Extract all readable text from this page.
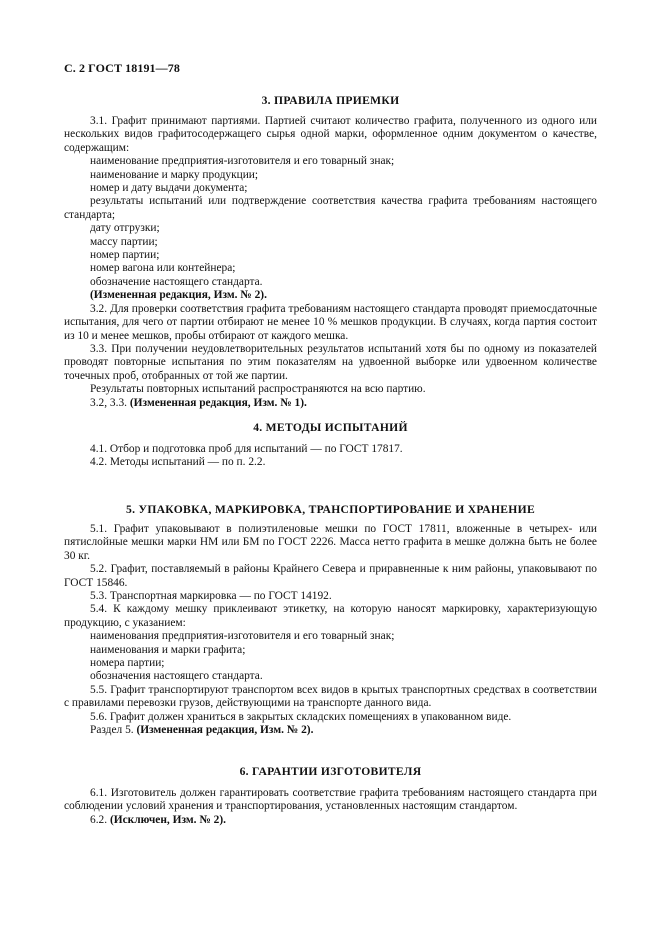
С. 2 ГОСТ 18191—78
3. ПРАВИЛА ПРИЕМКИ

3.1. Графит принимают партиями. Партией считают количество графита, полученного из одного или нескольких видов графитосодержащего сырья одной марки, оформленное одним документом о качестве, содержащим:

наименование предприятия-изготовителя и его товарный знак;

наименование и марку продукции;

номер и дату выдачи документа;

результаты испытаний или подтверждение соответствия качества графита требованиям настоящего стандарта;

дату отгрузки;

массу партии;

номер партии;

номер вагона или контейнера;

обозначение настоящего стандарта.

(Измененная редакция, Изм. № 2).

3.2. Для проверки соответствия графита требованиям настоящего стандарта проводят приемосдаточные испытания, для чего от партии отбирают не менее 10 % мешков продукции. В случаях, когда партия состоит из 10 и менее мешков, пробы отбирают от каждого мешка.

3.3. При получении неудовлетворительных результатов испытаний хотя бы по одному из показателей проводят повторные испытания по этим показателям на удвоенной выборке или удвоенном количестве точечных проб, отобранных от той же партии.

Результаты повторных испытаний распространяются на всю партию.

3.2, 3.3. (Измененная редакция, Изм. № 1).

4. МЕТОДЫ ИСПЫТАНИЙ

4.1. Отбор и подготовка проб для испытаний — по ГОСТ 17817.

4.2. Методы испытаний — по п. 2.2.

5. УПАКОВКА, МАРКИРОВКА, ТРАНСПОРТИРОВАНИЕ И ХРАНЕНИЕ

5.1. Графит упаковывают в полиэтиленовые мешки по ГОСТ 17811, вложенные в четырех- или пятислойные мешки марки НМ или БМ по ГОСТ 2226. Масса нетто графита в мешке должна быть не более 30 кг.

5.2. Графит, поставляемый в районы Крайнего Севера и приравненные к ним районы, упаковывают по ГОСТ 15846.

5.3. Транспортная маркировка — по ГОСТ 14192.

5.4. К каждому мешку приклеивают этикетку, на которую наносят маркировку, характеризующую продукцию, с указанием:

наименования предприятия-изготовителя и его товарный знак;

наименования и марки графита;

номера партии;

обозначения настоящего стандарта.

5.5. Графит транспортируют транспортом всех видов в крытых транспортных средствах в соответствии с правилами перевозки грузов, действующими на транспорте данного вида.

5.6. Графит должен храниться в закрытых складских помещениях в упакованном виде.

Раздел 5. (Измененная редакция, Изм. № 2).

6. ГАРАНТИИ ИЗГОТОВИТЕЛЯ

6.1. Изготовитель должен гарантировать соответствие графита требованиям настоящего стандарта при соблюдении условий хранения и транспортирования, установленных настоящим стандартом.

6.2. (Исключен, Изм. № 2).
